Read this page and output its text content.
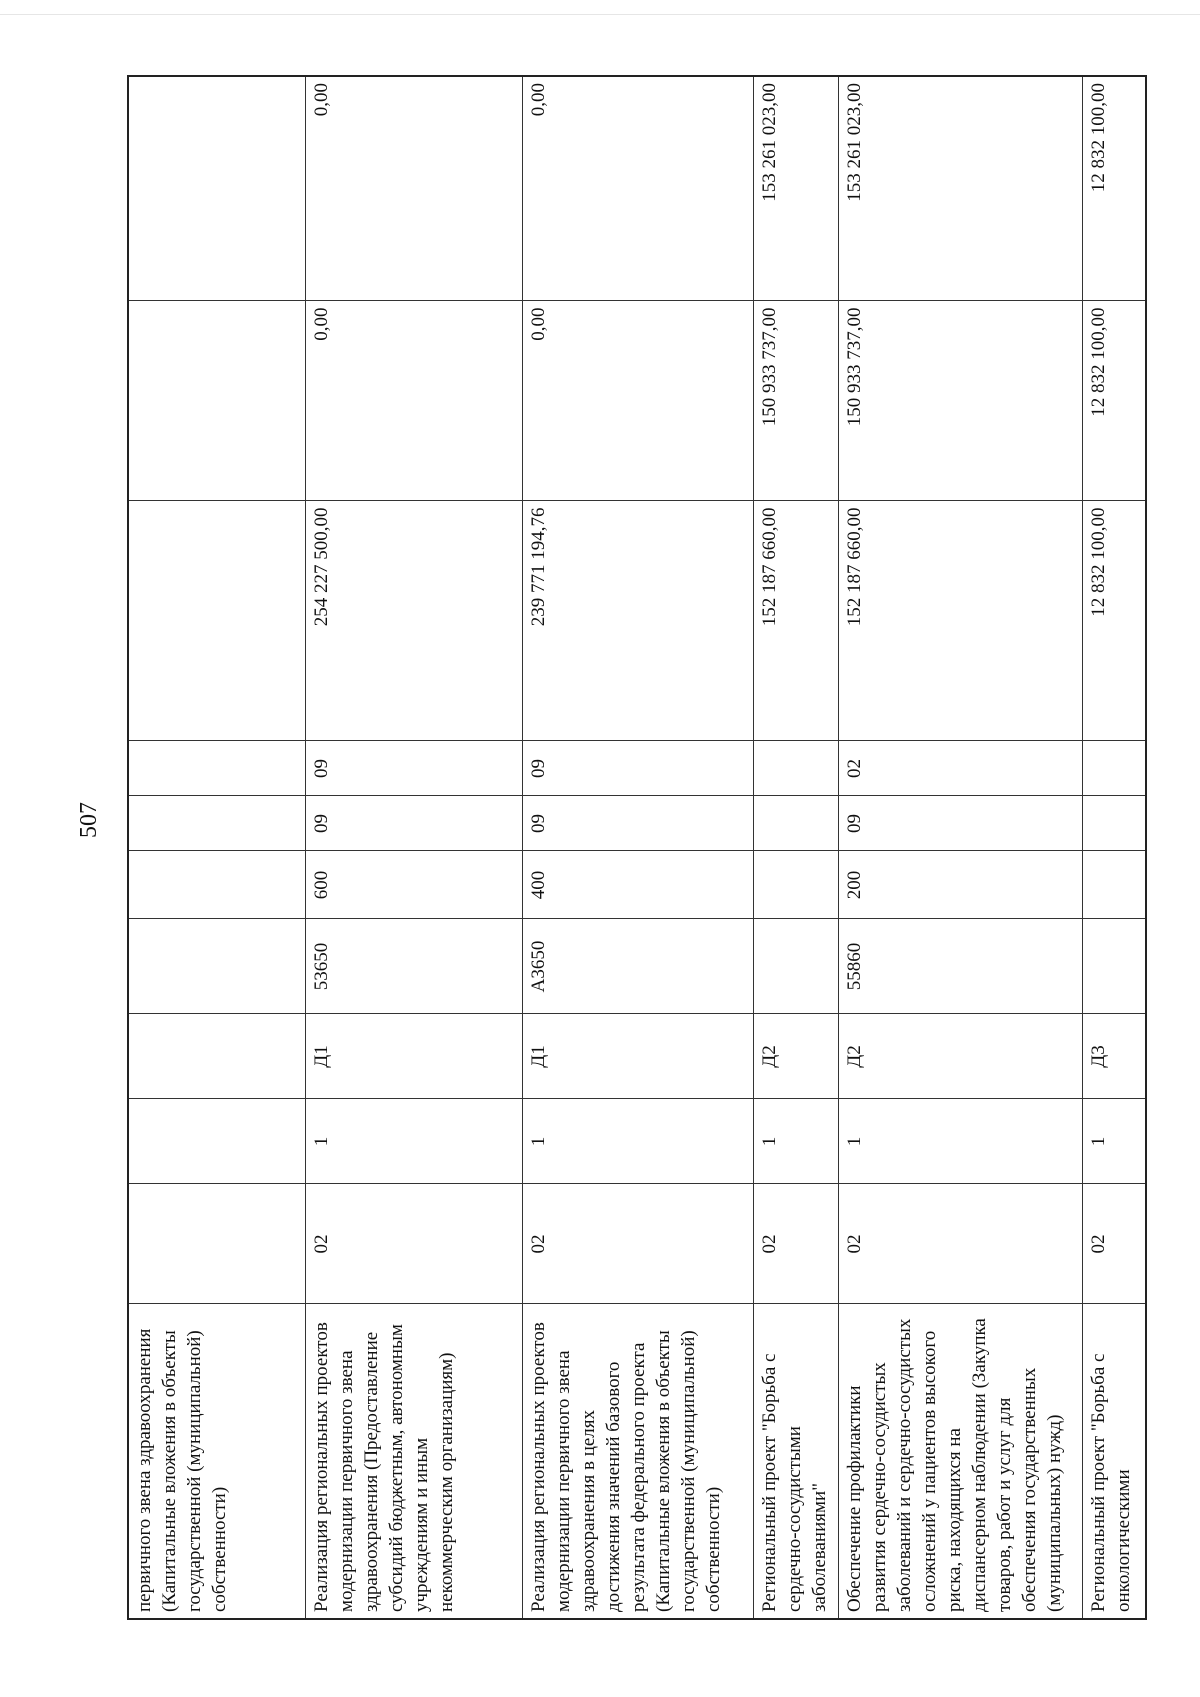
507
первичного звена здравоохранения (Капитальные вложения в объекты государственной (муниципальной) собственности)										
Реализация региональных проектов модернизации первичного звена здравоохранения (Предоставление субсидий бюджетным, автономным учреждениям и иным некоммерческим организациям)	02	1	Д1	53650	600	09	09	254 227 500,00	0,00	0,00
Реализация региональных проектов модернизации первичного звена здравоохранения в целях достижения значений базового результата федерального проекта (Капитальные вложения в объекты государственной (муниципальной) собственности)	02	1	Д1	А3650	400	09	09	239 771 194,76	0,00	0,00
Региональный проект "Борьба с сердечно-сосудистыми заболеваниями"	02	1	Д2					152 187 660,00	150 933 737,00	153 261 023,00
Обеспечение профилактики развития сердечно-сосудистых заболеваний и сердечно-сосудистых осложнений у пациентов высокого риска, находящихся на диспансерном наблюдении (Закупка товаров, работ и услуг для обеспечения государственных (муниципальных) нужд)	02	1	Д2	55860	200	09	02	152 187 660,00	150 933 737,00	153 261 023,00
Региональный проект "Борьба с онкологическими	02	1	Д3					12 832 100,00	12 832 100,00	12 832 100,00
